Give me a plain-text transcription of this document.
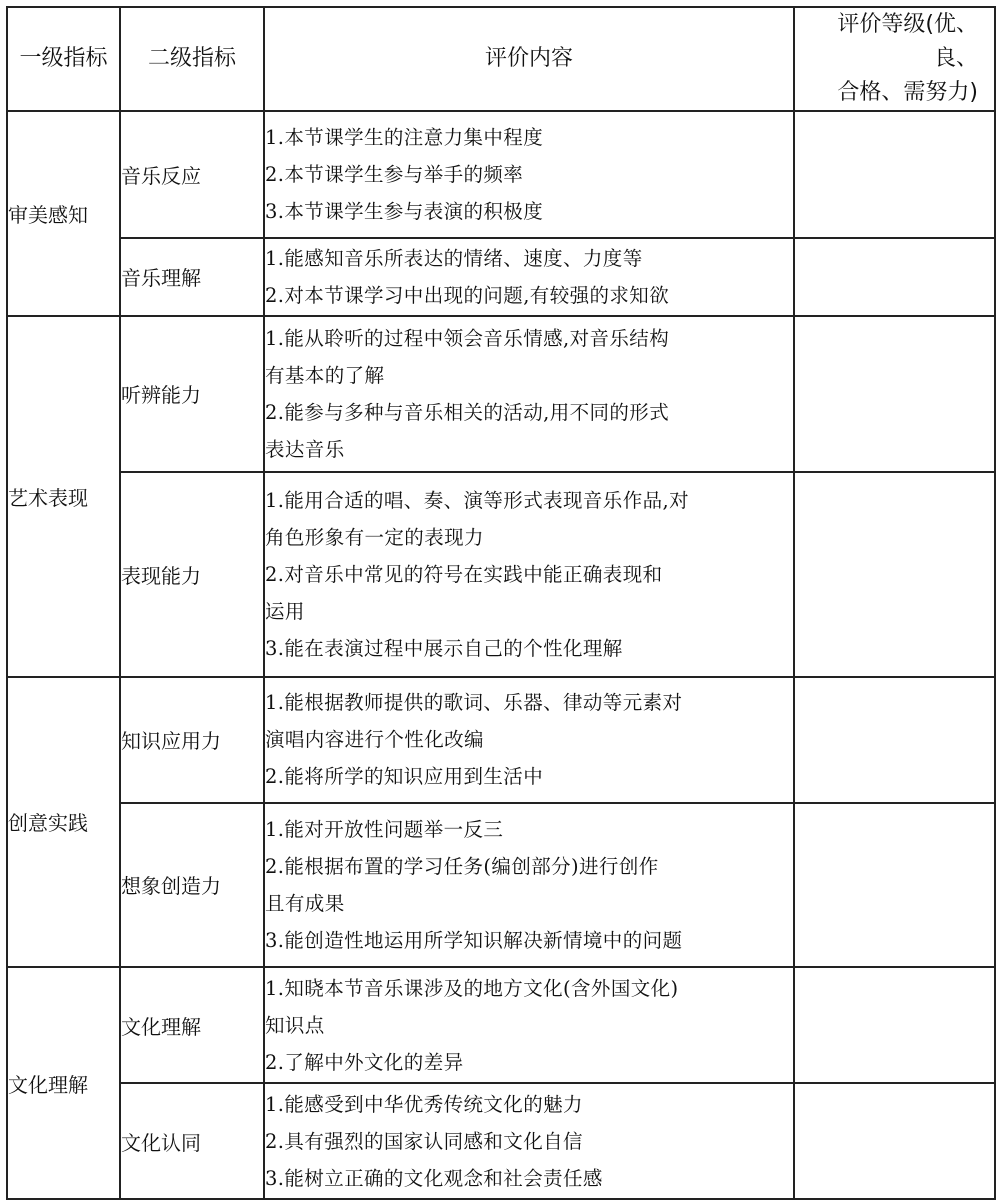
一级指标	二级指标	评价内容	评价等级(优、良、
合格、需努力)

审美感知	音乐反应	1.本节课学生的注意力集中程度
2.本节课学生参与举手的频率
3.本节课学生参与表演的积极度	

	音乐理解	1.能感知音乐所表达的情绪、速度、力度等
2.对本节课学习中出现的问题,有较强的求知欲	

艺术表现	听辨能力	1.能从聆听的过程中领会音乐情感,对音乐结构
有基本的了解
2.能参与多种与音乐相关的活动,用不同的形式
表达音乐	

	表现能力	1.能用合适的唱、奏、演等形式表现音乐作品,对
角色形象有一定的表现力
2.对音乐中常见的符号在实践中能正确表现和
运用
3.能在表演过程中展示自己的个性化理解	

创意实践	知识应用力	1.能根据教师提供的歌词、乐器、律动等元素对
演唱内容进行个性化改编
2.能将所学的知识应用到生活中	

	想象创造力	1.能对开放性问题举一反三
2.能根据布置的学习任务(编创部分)进行创作
且有成果
3.能创造性地运用所学知识解决新情境中的问题	

文化理解	文化理解	1.知晓本节音乐课涉及的地方文化(含外国文化)
知识点
2.了解中外文化的差异	

	文化认同	1.能感受到中华优秀传统文化的魅力
2.具有强烈的国家认同感和文化自信
3.能树立正确的文化观念和社会责任感	
